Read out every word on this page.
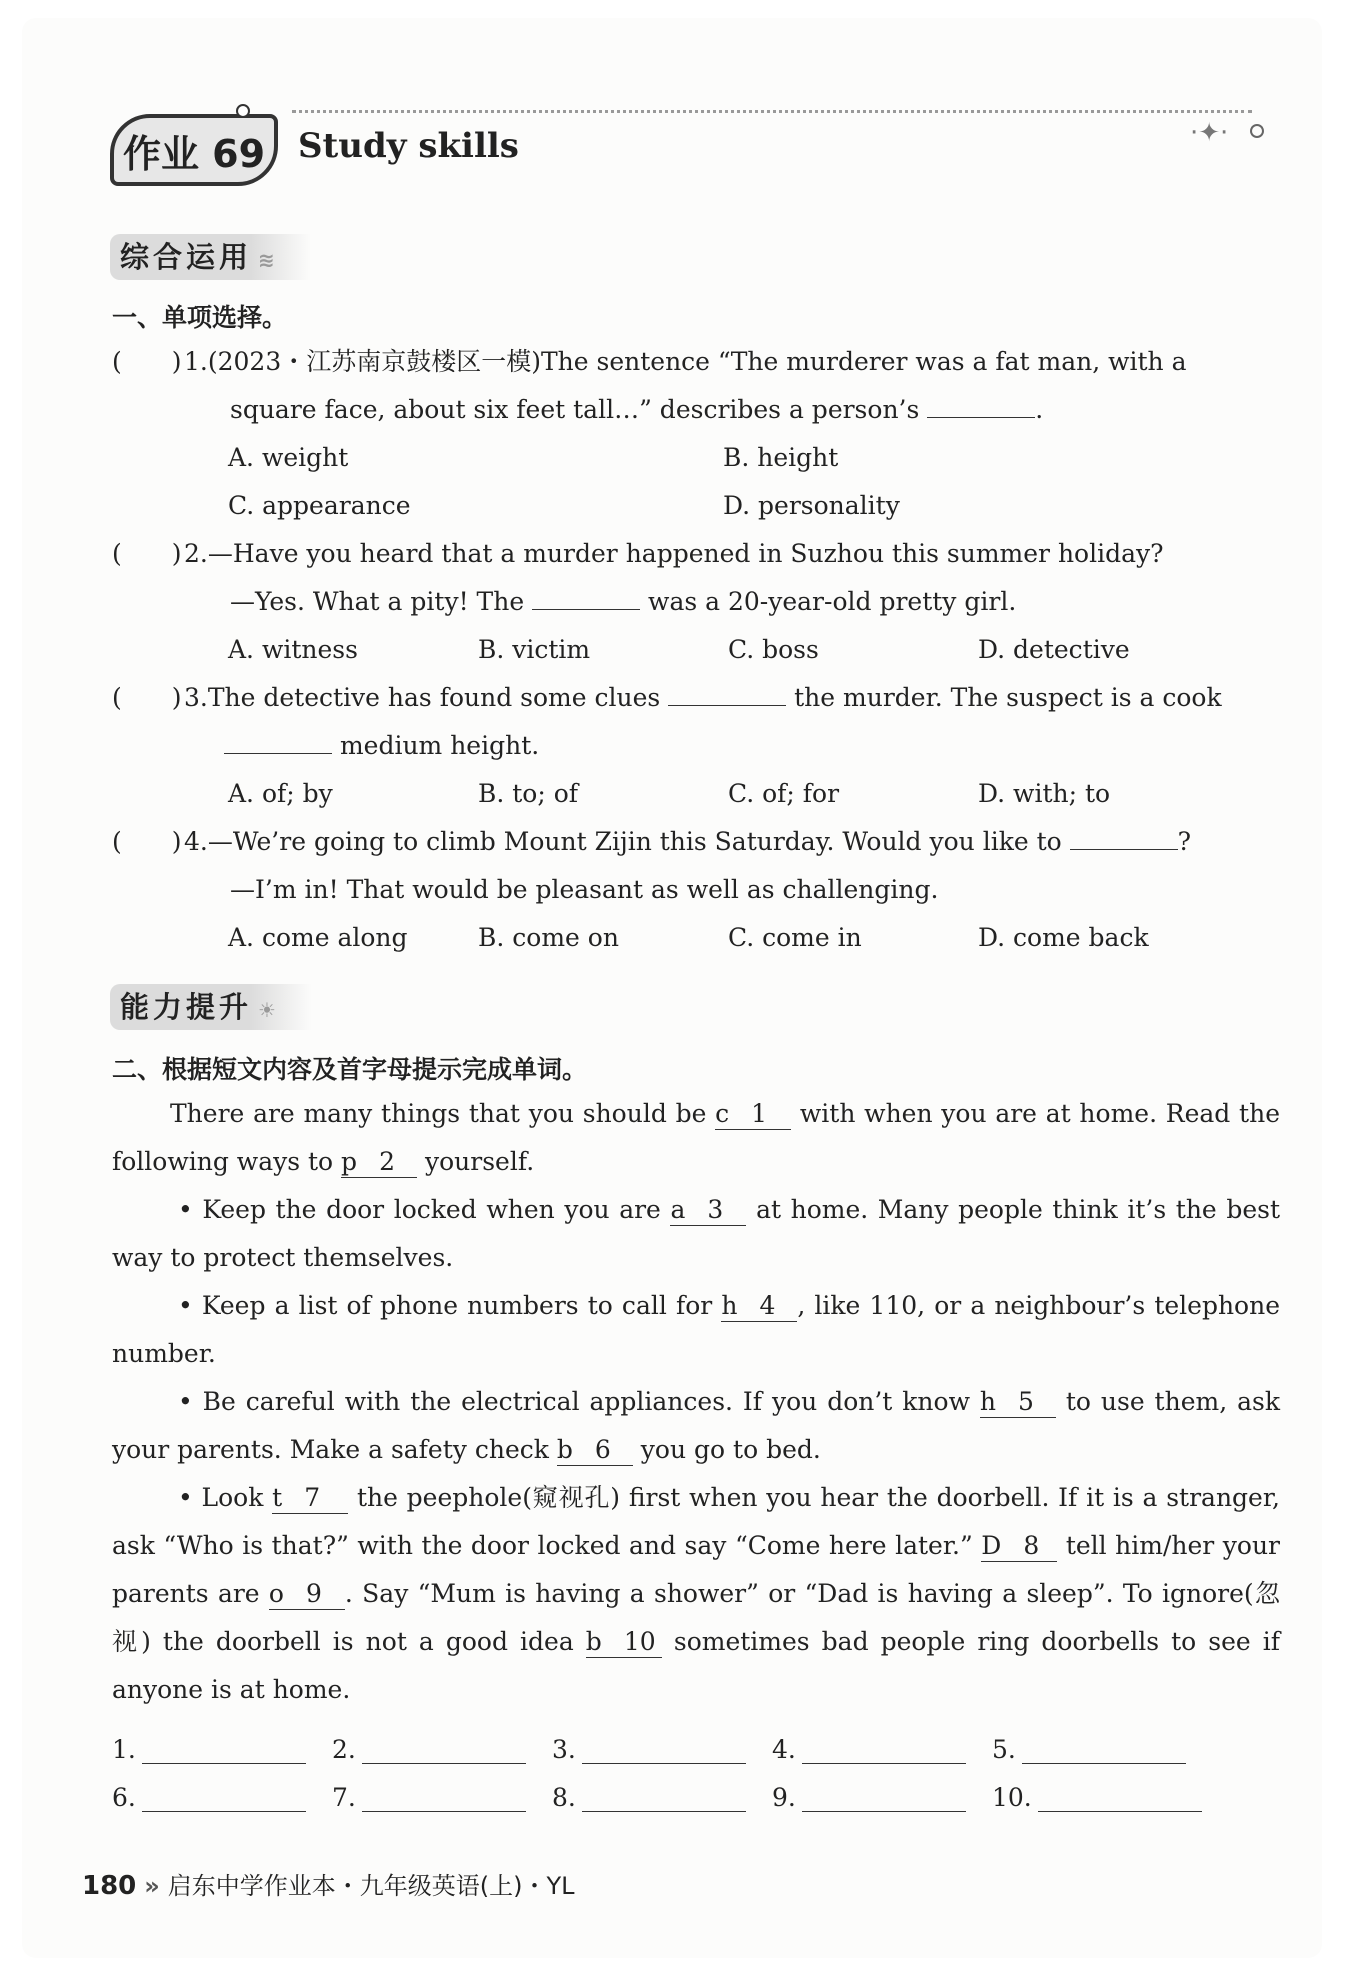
作业 69 Study skills	·✦·
综合运用 ≋
一、单项选择。
(　　)1.(2023・江苏南京鼓楼区一模)The sentence “The murderer was a fat man, with a
square face, about six feet tall…” describes a person’s	.
A. weight	B. height
C. appearance	D. personality
(　　)2.—Have you heard that a murder happened in Suzhou this summer holiday?
—Yes. What a pity! The	was a 20-year-old pretty girl.
A. witness	B. victim	C. boss	D. detective
(　　)3.The detective has found some clues	the murder. The suspect is a cook
medium height.
A. of; by	B. to; of	C. of; for	D. with; to
(　　)4.—We’re going to climb Mount Zijin this Saturday. Would you like to	?
—I’m in! That would be pleasant as well as challenging.
A. come along	B. come on	C. come in	D. come back
能力提升 ☀
二、根据短文内容及首字母提示完成单词。

There are many things that you should be c 1 with when you are at home. Read the following ways to p 2 yourself.

• Keep the door locked when you are a 3 at home. Many people think it’s the best way to protect themselves.

• Keep a list of phone numbers to call for h 4 , like 110, or a neighbour’s telephone number.

• Be careful with the electrical appliances. If you don’t know h 5 to use them, ask your parents. Make a safety check b 6 you go to bed.

• Look t 7 the peephole(窥视孔) first when you hear the doorbell. If it is a stranger, ask “Who is that?” with the door locked and say “Come here later.” D 8 tell him/her your parents are o 9 . Say “Mum is having a shower” or “Dad is having a sleep”. To ignore(忽视) the doorbell is not a good idea b 10 sometimes bad people ring doorbells to see if anyone is at home.

1.	2.	3.	4.	5.
6.	7.	8.	9.	10.
180 » 启东中学作业本・九年级英语(上)・YL
